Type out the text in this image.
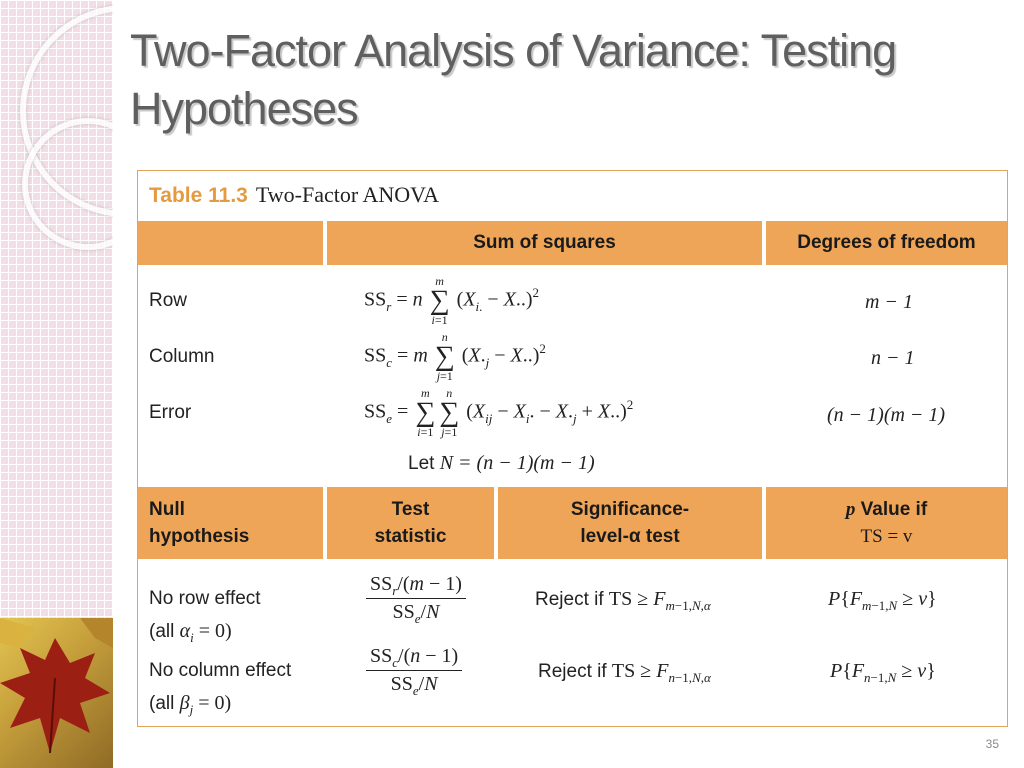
Two-Factor Analysis of Variance: Testing
Hypotheses
Table 11.3 Two-Factor ANOVA
Sum of squares	Degrees of freedom
Row
Column
Error
$SS_r = n$ m
∑
i=1 $(X_{i.} - X..)^2$
$SS_c = m$ n
∑
j=1 $(X._j - X..)^2$
$SS_e = m$
∑
i=1n
∑
j=1 ($X_{ij} - X_i$. − $X._j + X..)^2$
m − 1
n − 1
(n − 1)(m − 1)
Let N = (n − 1)(m − 1)
Null
hypothesis
Test
statistic
Significance-
level-α test
p Value if
TS = v
No row effect
(all $\alpha_i = 0$)
No column effect
(all $\beta_j = 0$)
$\frac{SS_r/(m - 1)}{SS_e/N}$
$\frac{SS_c/(n - 1)}{SS_e/N}$
Reject if TS ≥ $F_{m-1,N,\alpha}$
Reject if TS ≥ $F_{n-1,N,\alpha}$
$P\{F_{m-1,N} \ge v\}$
$P\{F_{n-1,N} \ge v\}$
35
